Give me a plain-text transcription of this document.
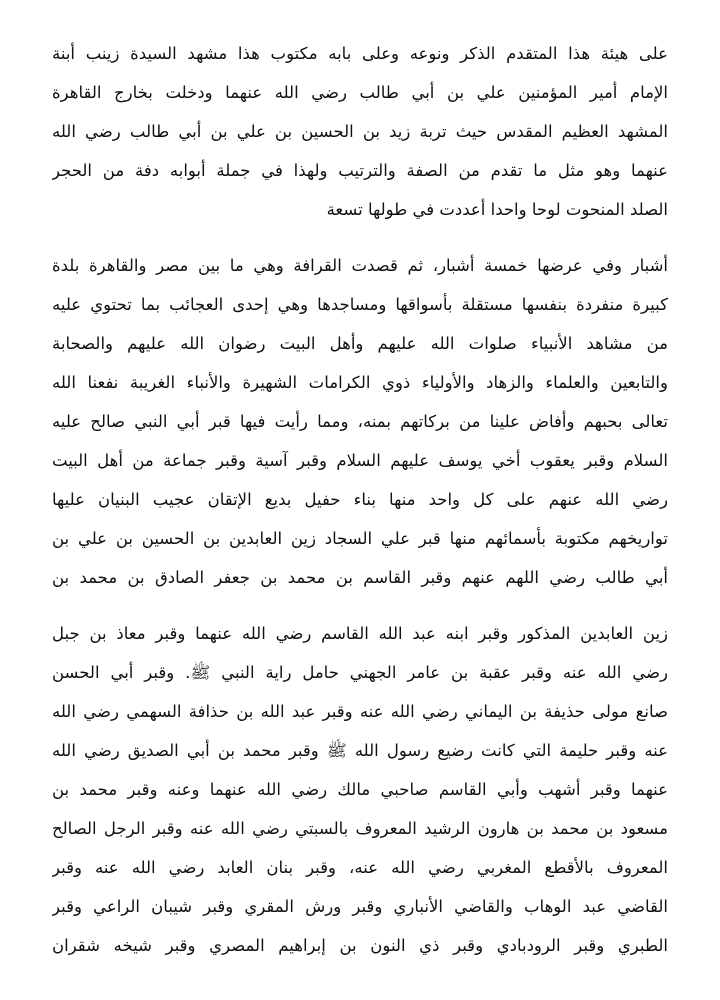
على هيئة هذا المتقدم الذكر ونوعه وعلى بابه مكتوب هذا مشهد السيدة زينب أبنة
الإمام أمير المؤمنين علي بن أبي طالب رضي الله عنهما ودخلت بخارج القاهرة
المشهد العظيم المقدس حيث تربة زيد بن الحسين بن علي بن أبي طالب رضي الله
عنهما وهو مثل ما تقدم من الصفة والترتيب ولهذا في جملة أبوابه دفة من الحجر
الصلد المنحوت لوحا واحدا أعددت في طولها تسعة
أشبار وفي عرضها خمسة أشبار، ثم قصدت القرافة وهي ما بين مصر والقاهرة بلدة
كبيرة منفردة بنفسها مستقلة بأسواقها ومساجدها وهي إحدى العجائب بما تحتوي عليه
من مشاهد الأنبياء صلوات الله عليهم وأهل البيت رضوان الله عليهم والصحابة
والتابعين والعلماء والزهاد والأولياء ذوي الكرامات الشهيرة والأنباء الغريبة نفعنا الله
تعالى بحبهم وأفاض علينا من بركاتهم بمنه، ومما رأيت فيها قبر أبي النبي صالح عليه
السلام وقبر يعقوب أخي يوسف عليهم السلام وقبر آسية وقبر جماعة من أهل البيت
رضي الله عنهم على كل واحد منها بناء حفيل بديع الإتقان عجيب البنيان عليها
تواريخهم مكتوبة بأسمائهم منها قبر علي السجاد زين العابدين بن الحسين بن علي بن
أبي طالب رضي اللهم عنهم وقبر القاسم بن محمد بن جعفر الصادق بن محمد بن
زين العابدين المذكور وقبر ابنه عبد الله القاسم رضي الله عنهما وقبر معاذ بن جبل
رضي الله عنه وقبر عقبة بن عامر الجهني حامل راية النبي ﷺ. وقبر أبي الحسن
صانع مولى حذيفة بن اليماني رضي الله عنه وقبر عبد الله بن حذافة السهمي رضي الله
عنه وقبر حليمة التي كانت رضيع رسول الله ﷺ وقبر محمد بن أبي الصديق رضي الله
عنهما وقبر أشهب وأبي القاسم صاحبي مالك رضي الله عنهما وعنه وقبر محمد بن
مسعود بن محمد بن هارون الرشيد المعروف بالسبتي رضي الله عنه وقبر الرجل الصالح
المعروف بالأقطع المغربي رضي الله عنه، وقبر بنان العابد رضي الله عنه وقبر
القاضي عبد الوهاب والقاضي الأنباري وقبر ورش المقري وقبر شيبان الراعي وقبر
الطبري وقبر الرودبادي وقبر ذي النون بن إبراهيم المصري وقبر شيخه شقران
